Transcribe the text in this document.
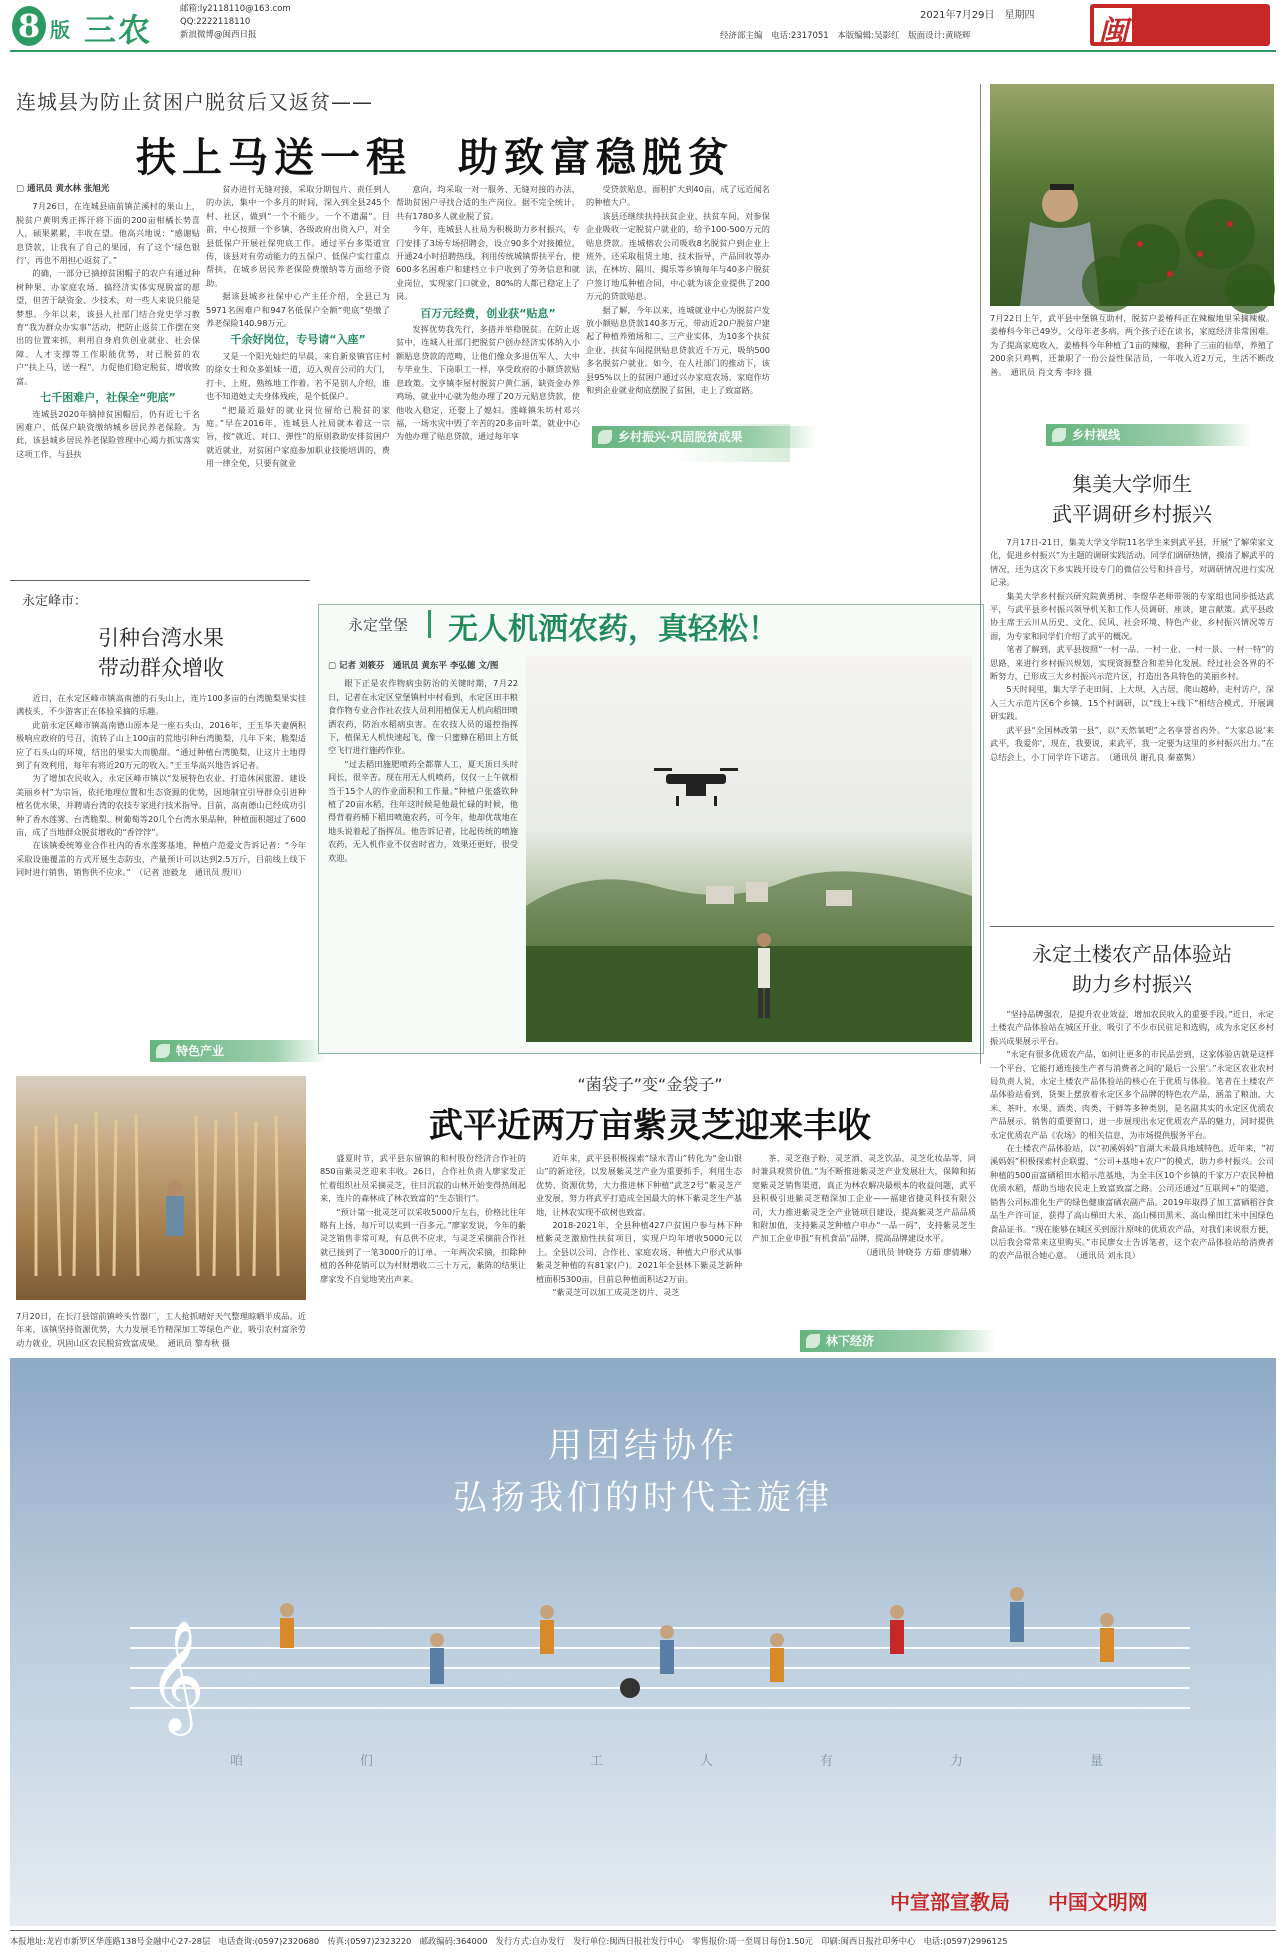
8 版 三农
邮箱:ly2118110@163.com
QQ:2222118110
新浪微博@闽西日报
2021年7月29日　星期四
经济部主编　电话:2317051　本版编辑:吴影红　版面设计:黄晓辉	闽西日报
连城县为防止贫困户脱贫后又返贫——
扶上马送一程　助致富稳脱贫
▢ 通讯员 黄水林 张旭光

7月26日，在连城县庙前镇芷溪村的果山上，脱贫户黄明秀正挥汗将下面的200亩柑橘长势喜人，硕果累累，丰收在望。他高兴地说：“感谢贴息贷款，让我有了自己的果园，有了这个‘绿色银行’，再也不用担心返贫了。”

的确，一部分已摘掉贫困帽子的农户有通过种树种果、办家庭农场、搞经济实体实现脱富的愿望，但苦于缺资金、少技术，对一些人来说只能是梦想。今年以来，该县人社部门结合党史学习教育“我为群众办实事”活动，把防止返贫工作摆在突出的位置来抓，利用自身肩负创业就业、社会保障、人才支撑等工作职能优势，对已脱贫的农户“扶上马，送一程”，力促他们稳定脱贫、增收致富。

七千困难户，社保全“兜底”

连城县2020年摘掉贫困帽后，仍有近七千名困难户、低保户缺资缴纳城乡居民养老保险。为此，该县城乡居民养老保险管理中心竭力抓实落实这项工作，与县扶

贫办进行无缝对接，采取分期包片、责任到人的办法，集中一个多月的时间，深入到全县245个村、社区，做到“一个不能少，一个不遗漏”。目前，中心按照一个乡镇、各级政府出资入户，对全县低保户开展社保兜底工作。通过平台多渠道宣传，该县对有劳动能力的五保户、低保户实行重点帮扶，在城乡居民养老保险费缴纳等方面给予资助。

据该县城乡社保中心产主任介绍，全县已为5971名困难户和947名低保户全额“兜底”垫缴了养老保险140.98万元。

千余好岗位，专号请“入座”

又是一个阳光灿烂的早晨，来自新泉镇官庄村的徐女士和众多姐妹一道，迈入观音公司的大门，打卡、上班，熟练地工作着。若不是别人介绍，谁也不知道她丈夫身体残疾，是个低保户。

“把最近最好的就业岗位留给已脱贫的家庭。”早在2016年，连城县人社局就本着这一宗旨，按“就近、对口、弹性”的原则救助安排贫困户就近就业，对贫困户家庭参加职业技能培训的，费用一律全免，只要有就业

意向，均采取一对一服务、无缝对接的办法，帮助贫困户寻找合适的生产岗位。据不完全统计，共有1780多人就业脱了贫。

今年，连城县人社局为积极助力乡村振兴，专门安排了3场专场招聘会，设立90多个对接摊位，开通24小时招聘热线，利用传统城镇帮扶平台，使600多名困难户和建档立卡户收到了劳务信息和就业岗位，实现家门口就业，80%的人都已稳定上了岗。

百万元经费，创业获“贴息”

发挥优势我先行，多措并举稳脱贫。在防止返贫中，连城人社部门把脱贫户创办经济实体纳入小额贴息贷款的范畴，让他们像众多退伍军人、大中专毕业生、下岗职工一样，享受政府的小额贷款贴息政策。文亨镇李屋村脱贫户黄仁涵，缺资金办养鸡场，就业中心就为他办理了20万元贴息贷款，使他收入稳定，还娶上了媳妇。莲峰镇朱坊村邓兴福，一场水灾中毁了辛苦的20多亩叶菜，就业中心为他办理了贴息贷款，通过每年享

受贷款贴息，面积扩大到40亩，成了远近闻名的种植大户。

该县还继续扶持扶贫企业、扶贫车间，对参保企业吸收一定脱贫户就业的，给予100-500万元的贴息贷款。连城榕农公司吸收8名脱贫户到企业上班外，还采取租赁土地、技术指导、产品回收等办法，在林坊、隔川、揭乐等乡镇每年与40多户脱贫户签订地瓜种植合同，中心就为该企业提供了200万元的贷款贴息。

据了解，今年以来，连城就业中心为脱贫户发放小额贴息贷款140多万元，带动近20户脱贫户建起了种植养殖场和二、三产业实体，为10多个扶贫企业、扶贫车间提供贴息贷款近千万元，吸纳500多名脱贫户就业。如今，在人社部门的推动下，该县95%以上的贫困户通过兴办家庭农场、家庭作坊和到企业就业彻底摆脱了贫困，走上了致富路。

乡村振兴·巩固脱贫成果
7月22日上午，武平县中堡镇互助村，脱贫户姜椿科正在辣椒地里采摘辣椒。姜椿科今年已49岁，父母年老多病，两个孩子还在读书，家庭经济非常困难。为了提高家庭收入，姜椿科今年种植了1亩的辣椒，套种了三亩的仙草，养殖了200余只鸡鸭，还兼职了一份公益性保洁员，一年收入近2万元，生活不断改善。　通讯员 肖文秀 李玲 摄
乡村视线
集美大学师生
武平调研乡村振兴

7月17日-21日，集美大学文学院11名学生来到武平县，开展“了解荣家文化，促进乡村振兴”为主题的调研实践活动。同学们调研热情，摸清了解武平的情况，还为这次下乡实践开设专门的微信公号和抖音号，对调研情况进行实况记录。

集美大学乡村振兴研究院黄勇树、李煜华老师带领的专家组也同步抵达武平，与武平县乡村振兴领导机关和工作人员调研、座谈，建言献策。武平县政协主席王云川从历史、文化、民风、社会环境、特色产业、乡村振兴情况等方面，为专家和同学们介绍了武平的概况。

笔者了解到，武平县按照“一村一品、一村一业、一村一景、一村一特”的思路，来进行乡村振兴规划，实现资源整合和差异化发展。经过社会各界的不断努力，已形成三大乡村振兴示范片区，打造出各具特色的美丽乡村。

5天时间里，集大学子走田间、上大坝、入古居，爬山越岭，走村访户，深入三大示范片区6个乡镇、15个村调研，以“线上+线下”相结合模式，开展调研实践。

武平县“全国林改第一县”，以“天然氧吧”之名享誉省内外。“大家总说‘来武平，我爱你’，现在，我要说，来武平，我一定要为这里的乡村振兴出力。”在总结会上，小丁同学许下诺言。　（通讯员 谢孔良 秦嘉隽）

永定土楼农产品体验站
助力乡村振兴

“坚持品牌强农，是提升农业效益、增加农民收入的重要手段。”近日，永定土楼农产品体验站在城区开业，吸引了不少市民驻足和选购，成为永定区乡村振兴成果展示平台。

“永定有很多优质农产品，如何让更多的市民品尝到，这家体验店就是这样一个平台，它能打通连接生产者与消费者之间的‘最后一公里’。”永定区农业农村局负责人说，永定土楼农产品体验站的核心在于优质与体验。笔者在土楼农产品体验站看到，货架上摆放着永定区多个品牌的特色农产品，涵盖了粮油、大米、茶叶、水果、酒类、肉类、干鲜等多种类别，是名副其实的永定区优质农产品展示、销售的重要窗口，进一步展现出永定优质农产品的魅力，同时提供永定优质农产品《农场》的相关信息，为市场提供服务平台。

在土楼农产品体验站，以“初溪妈妈”盲湖大米最具地域特色。近年来，“初溪妈妈”积极探索村企联盟、“公司+基地+农户”的模式，助力乡村振兴。公司种植的500亩富硒稻田水稻示范基地，为全丰区10个乡镇的千家万户农民种植优质水稻，帮助当地农民走上致富致富之路。公司还通过“互联网+”的渠道，销售公司标准化生产的绿色健康富硒农副产品。2019年取得了加工富硒稻谷食品生产许可证，获得了高山梯田大米、高山梯田黑米、高山梯田红米中国绿色食品证书。“现在能够在城区买到原汁原味的优质农产品，对我们来说很方便，以后我会常常来这里购买。”市民廖女士告诉笔者，这个农产品体验站给消费者的农产品很合她心意。　（通讯员 刘永良）

永定峰市：
引种台湾水果
带动群众增收

近日，在永定区峰市镇高南德的石头山上，连片100多亩的台湾脆梨果实挂满枝头，不少游客正在体验采摘的乐趣。

此前永定区峰市镇高南德山原本是一座石头山，2016年，王玉华夫妻俩积极响应政府的号召，流转了山上100亩的荒地引种台湾脆梨，几年下来，脆梨适应了石头山的环境，结出的果实大而脆甜。“通过种植台湾脆梨，让这片土地得到了有效利用，每年有将近20万元的收入。”王玉华高兴地告诉记者。

为了增加农民收入，永定区峰市镇以“发展特色农业、打造休闲旅游、建设美丽乡村”为宗旨，依托地理位置和生态资源的优势，因地制宜引导群众引进种植名优水果，并聘请台湾的农技专家进行技术指导。目前，高南德山已经成功引种了香水莲雾、台湾脆梨、树葡萄等20几个台湾水果品种，种植面积超过了600亩，成了当地群众脱贫增收的“香饽饽”。

在该镇委统筹业合作社内的香水莲雾基地，种植户范爱文告诉记者：“今年采取设施覆盖的方式开展生态防虫，产量预计可以达到2.5万斤，目前线上线下同时进行销售，销售供不应求。”　（记者 池毅龙　通讯员 殷川）

特色产业
永定堂堡 无人机洒农药，真轻松！
▢ 记者 刘筱芬　通讯员 黄东平 李弘德 文/图

眼下正是农作物病虫防治的关键时期，7月22日，记者在永定区堂堡镇村中村看到，永定区田丰粮食作物专业合作社农技人员利用植保无人机向稻田喷洒农药，防治水稻病虫害。在农技人员的遥控指挥下，植保无人机快速起飞，像一只蜜蜂在稻田上方低空飞行进行施药作业。

“过去稻田施肥喷药全都靠人工，夏天顶日头时间长，很辛苦。现在用无人机喷药，仅仅一上午就相当于15个人的作业面积和工作量。”种植户张盛钦种植了20亩水稻，往年这时候是他最忙碌的时候，他得背着药桶下稻田喷施农药，可今年，他却优哉地在地头说着起了指挥员。他告诉记者，比起传统的喷施农药，无人机作业不仅省时省力，效果还更好，很受欢迎。

7月20日，在长汀县馆前镇岭头竹器厂，工人抢抓晴好天气整理晾晒半成品。近年来，该镇坚持资源优势，大力发展毛竹精深加工等绿色产业，吸引农村富余劳动力就业，巩固山区农民脱贫致富成果。　通讯员 黎寿秋 摄
“菌袋子”变“金袋子”
武平近两万亩紫灵芝迎来丰收

盛夏时节，武平县东留镇的和村股份经济合作社的850亩紫灵芝迎来丰收。26日，合作社负责人廖家发正忙着组织社员采摘灵芝，往日沉寂的山林开始变得热闹起来，连片的森林成了林农致富的“生态银行”。

“预计第一批灵芝可以采收5000斤左右，价格比往年略有上扬，每斤可以卖到一百多元。”廖家发说，今年的紫灵芝销售非常可观，有总供不应求，与灵芝采摘前合作社就已接到了一笔3000斤的订单。一年两次采摘，扣除种植的各种花销可以为村财增收二三十万元，紫陈的结果让廖家发不自觉地笑出声来。

近年来，武平县积极探索“绿水青山”转化为“金山银山”的新途径，以发展紫灵芝产业为重要抓手，利用生态优势、资源优势，大力推进林下种植”武芝2号”紫灵芝产业发展，努力将武平打造成全国最大的林下紫灵芝生产基地，让林农实现不砍树也致富。

2018-2021年，全县种植427户贫困户参与林下种植紫灵芝激励性扶贫项目，实现户均年增收5000元以上。全县以公司、合作社、家庭农场、种植大户形式从事紫灵芝种植的有81家(户)。2021年全县林下紫灵芝新种植面积5300亩，目前总种植面积达2万亩。

“紫灵芝可以加工成灵芝切片、灵芝

茶、灵芝孢子粉、灵芝酒、灵芝饮品、灵芝化妆品等，同时兼具观赏价值。”为不断推进紫灵芝产业发展壮大，保障和拓宽紫灵芝销售渠道，真正为林农解决最根本的收益问题，武平县积极引进紫灵芝精深加工企业——福建省捷灵科技有限公司，大力推进紫灵芝全产业链项目建设，提高紫灵芝产品品质和附加值，支持紫灵芝种植户申办“一品一码”，支持紫灵芝生产加工企业申报“有机食品”品牌，提高品牌建设水平。

（通讯员 钟晓芬 方茹 廖倩琳）
林下经济
用团结协作
弘扬我们的时代主旋律
𝄞
咱	们	工	人	有	力	量
中宣部宣教局 中国文明网
本报地址:龙岩市新罗区华莲路138号金融中心27-28层　电话查询:(0597)2320680　传真:(0597)2323220　邮政编码:364000　发行方式:自办发行　发行单位:闽西日报社发行中心　零售报价:周一至周日每份1.50元　印刷:闽西日报社印务中心　电话:(0597)2996125
